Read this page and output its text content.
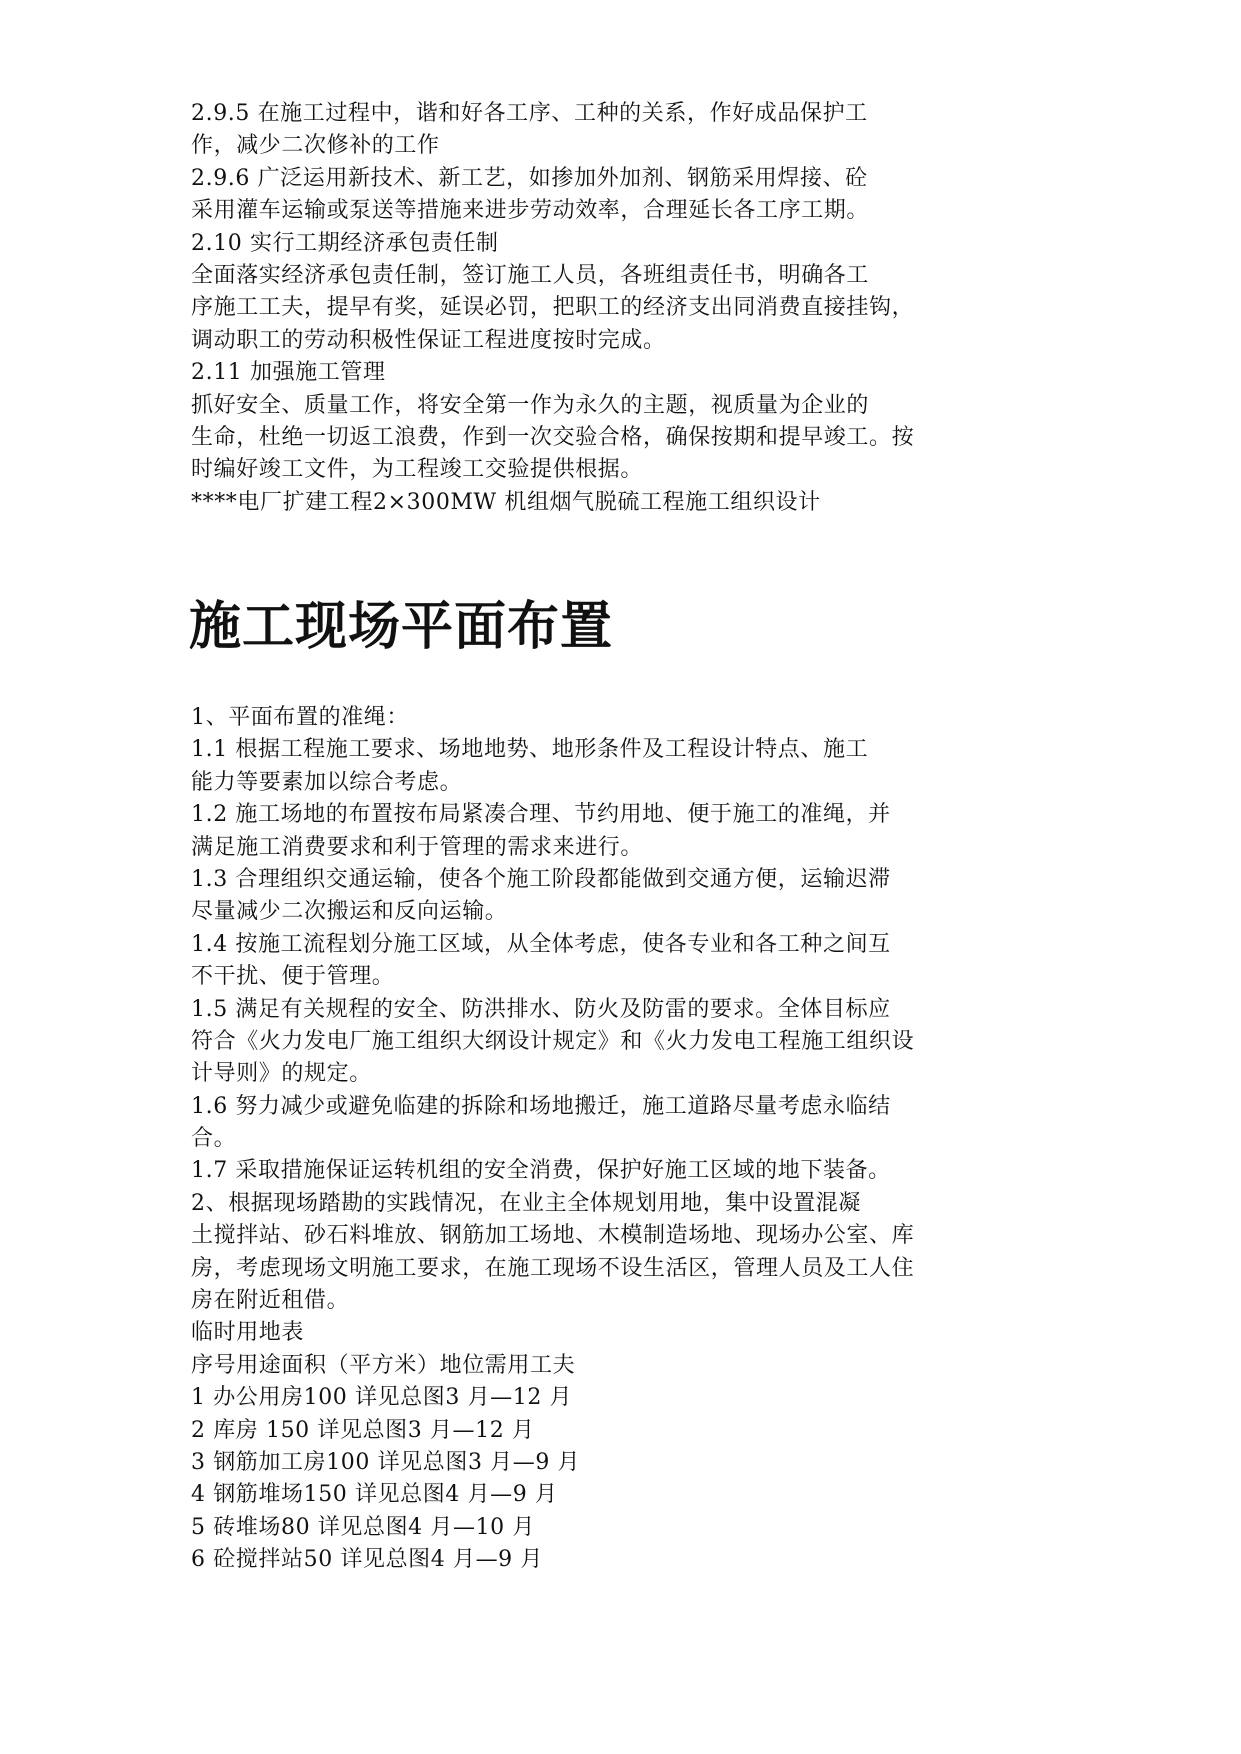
2.9.5 在施工过程中，谐和好各工序、工种的关系，作好成品保护工
作，减少二次修补的工作
2.9.6 广泛运用新技术、新工艺，如掺加外加剂、钢筋采用焊接、砼
采用灌车运输或泵送等措施来进步劳动效率，合理延长各工序工期。
2.10 实行工期经济承包责任制
全面落实经济承包责任制，签订施工人员，各班组责任书，明确各工
序施工工夫，提早有奖，延误必罚，把职工的经济支出同消费直接挂钩，
调动职工的劳动积极性保证工程进度按时完成。
2.11 加强施工管理
抓好安全、质量工作，将安全第一作为永久的主题，视质量为企业的
生命，杜绝一切返工浪费，作到一次交验合格，确保按期和提早竣工。按
时编好竣工文件，为工程竣工交验提供根据。
****电厂扩建工程2×300MW 机组烟气脱硫工程施工组织设计
施工现场平面布置
1、平面布置的准绳：
1.1 根据工程施工要求、场地地势、地形条件及工程设计特点、施工
能力等要素加以综合考虑。
1.2 施工场地的布置按布局紧凑合理、节约用地、便于施工的准绳，并
满足施工消费要求和利于管理的需求来进行。
1.3 合理组织交通运输，使各个施工阶段都能做到交通方便，运输迟滞
尽量减少二次搬运和反向运输。
1.4 按施工流程划分施工区域，从全体考虑，使各专业和各工种之间互
不干扰、便于管理。
1.5 满足有关规程的安全、防洪排水、防火及防雷的要求。全体目标应
符合《火力发电厂施工组织大纲设计规定》和《火力发电工程施工组织设
计导则》的规定。
1.6 努力减少或避免临建的拆除和场地搬迁，施工道路尽量考虑永临结
合。
1.7 采取措施保证运转机组的安全消费，保护好施工区域的地下装备。
2、根据现场踏勘的实践情况，在业主全体规划用地，集中设置混凝
土搅拌站、砂石料堆放、钢筋加工场地、木模制造场地、现场办公室、库
房，考虑现场文明施工要求，在施工现场不设生活区，管理人员及工人住
房在附近租借。
临时用地表
序号用途面积（平方米）地位需用工夫
1 办公用房100 详见总图3 月—12 月
2 库房 150 详见总图3 月—12 月
3 钢筋加工房100 详见总图3 月—9 月
4 钢筋堆场150 详见总图4 月—9 月
5 砖堆场80 详见总图4 月—10 月
6 砼搅拌站50 详见总图4 月—9 月
